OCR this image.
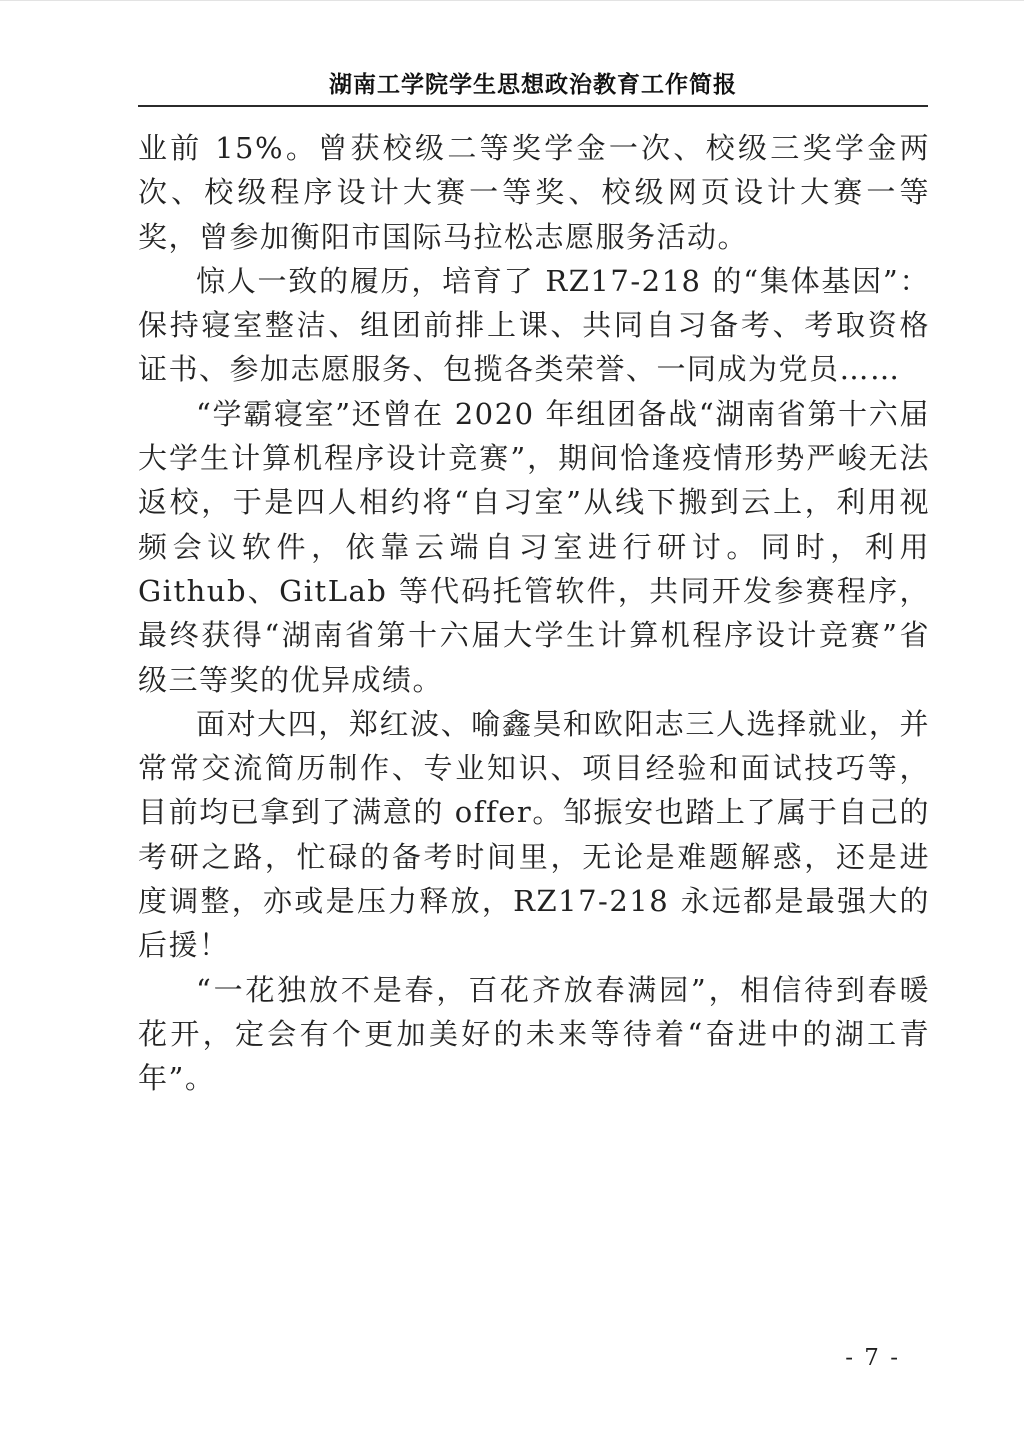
湖南工学院学生思想政治教育工作简报

业前 15%。曾获校级二等奖学金一次、校级三奖学金两次、校级程序设计大赛一等奖、校级网页设计大赛一等奖，曾参加衡阳市国际马拉松志愿服务活动。

惊人一致的履历，培育了 RZ17-218 的“集体基因”：保持寝室整洁、组团前排上课、共同自习备考、考取资格证书、参加志愿服务、包揽各类荣誉、一同成为党员……

“学霸寝室”还曾在 2020 年组团备战“湖南省第十六届大学生计算机程序设计竞赛”，期间恰逢疫情形势严峻无法返校，于是四人相约将“自习室”从线下搬到云上，利用视频会议软件，依靠云端自习室进行研讨。同时，利用 Github、GitLab 等代码托管软件，共同开发参赛程序，最终获得“湖南省第十六届大学生计算机程序设计竞赛”省级三等奖的优异成绩。

面对大四，郑红波、喻鑫昊和欧阳志三人选择就业，并常常交流简历制作、专业知识、项目经验和面试技巧等，目前均已拿到了满意的 offer。邹振安也踏上了属于自己的考研之路，忙碌的备考时间里，无论是难题解惑，还是进度调整，亦或是压力释放，RZ17-218 永远都是最强大的后援！

“一花独放不是春，百花齐放春满园”，相信待到春暖花开，定会有个更加美好的未来等待着“奋进中的湖工青年”。

- 7 -
